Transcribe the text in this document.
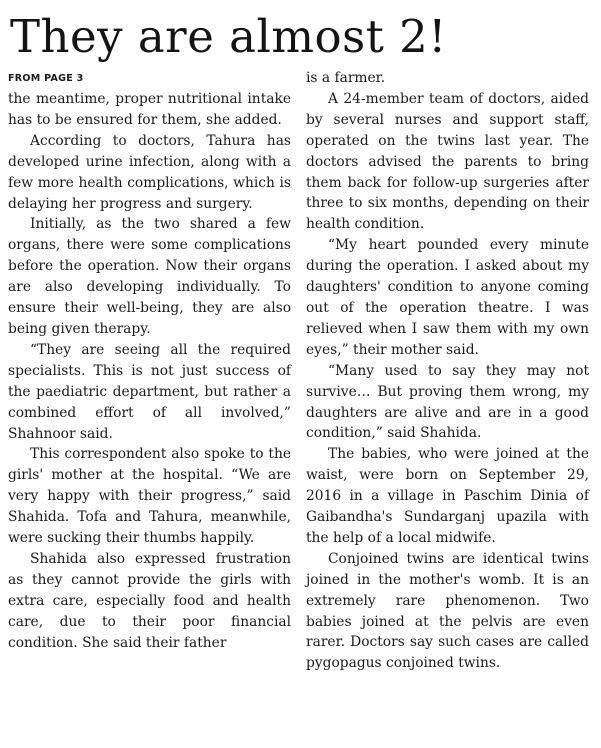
They are almost 2!

FROM PAGE 3

the meantime, proper nutritional intake has to be ensured for them, she added.

According to doctors, Tahura has developed urine infection, along with a few more health complications, which is delaying her progress and surgery.

Initially, as the two shared a few organs, there were some complications before the operation. Now their organs are also developing individually. To ensure their well-being, they are also being given therapy.

“They are seeing all the required specialists. This is not just success of the paediatric department, but rather a combined effort of all involved,” Shahnoor said.

This correspondent also spoke to the girls' mother at the hospital. “We are very happy with their progress,” said Shahida. Tofa and Tahura, meanwhile, were sucking their thumbs happily.

Shahida also expressed frustration as they cannot provide the girls with extra care, especially food and health care, due to their poor financial condition. She said their father

is a farmer.

A 24-member team of doctors, aided by several nurses and support staff, operated on the twins last year. The doctors advised the parents to bring them back for follow-up surgeries after three to six months, depending on their health condition.

“My heart pounded every minute during the operation. I asked about my daughters' condition to anyone coming out of the operation theatre. I was relieved when I saw them with my own eyes,” their mother said.

“Many used to say they may not survive… But proving them wrong, my daughters are alive and are in a good condition,” said Shahida.

The babies, who were joined at the waist, were born on September 29, 2016 in a village in Paschim Dinia of Gaibandha's Sundarganj upazila with the help of a local midwife.

Conjoined twins are identical twins joined in the mother's womb. It is an extremely rare phenomenon. Two babies joined at the pelvis are even rarer. Doctors say such cases are called pygopagus conjoined twins.
